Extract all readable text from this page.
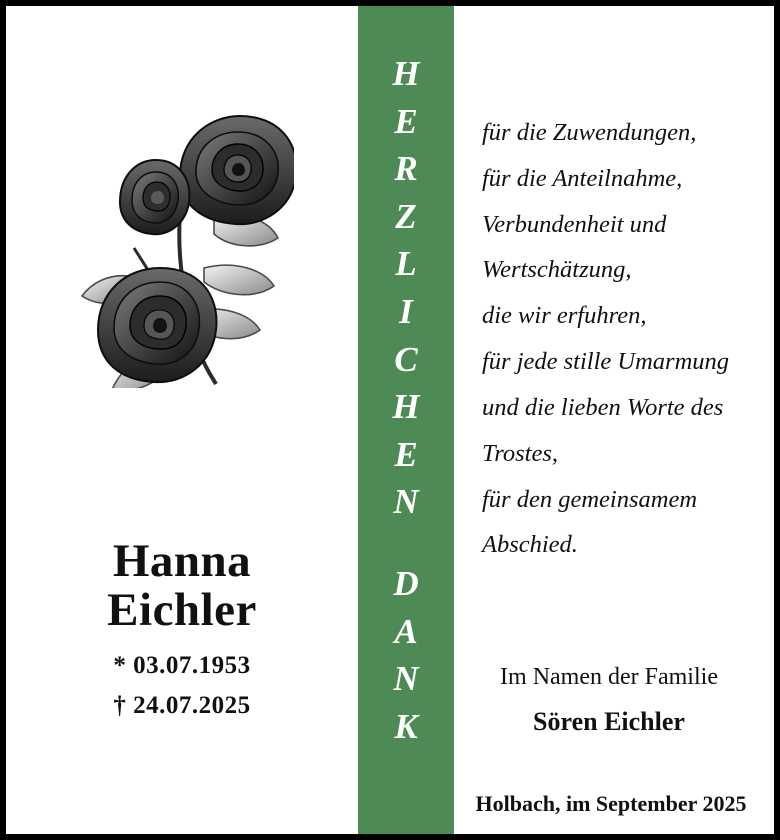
Hanna
Eichler
* 03.07.1953
† 24.07.2025
H
E
R
Z
L
I
C
H
E
N
D
A
N
K
für die Zuwendungen,
für die Anteilnahme,
Verbundenheit und
Wertschätzung,
die wir erfuhren,
für jede stille Umarmung
und die lieben Worte des
Trostes,
für den gemeinsamem
Abschied.
Im Namen der Familie
Sören Eichler
Holbach, im September 2025
